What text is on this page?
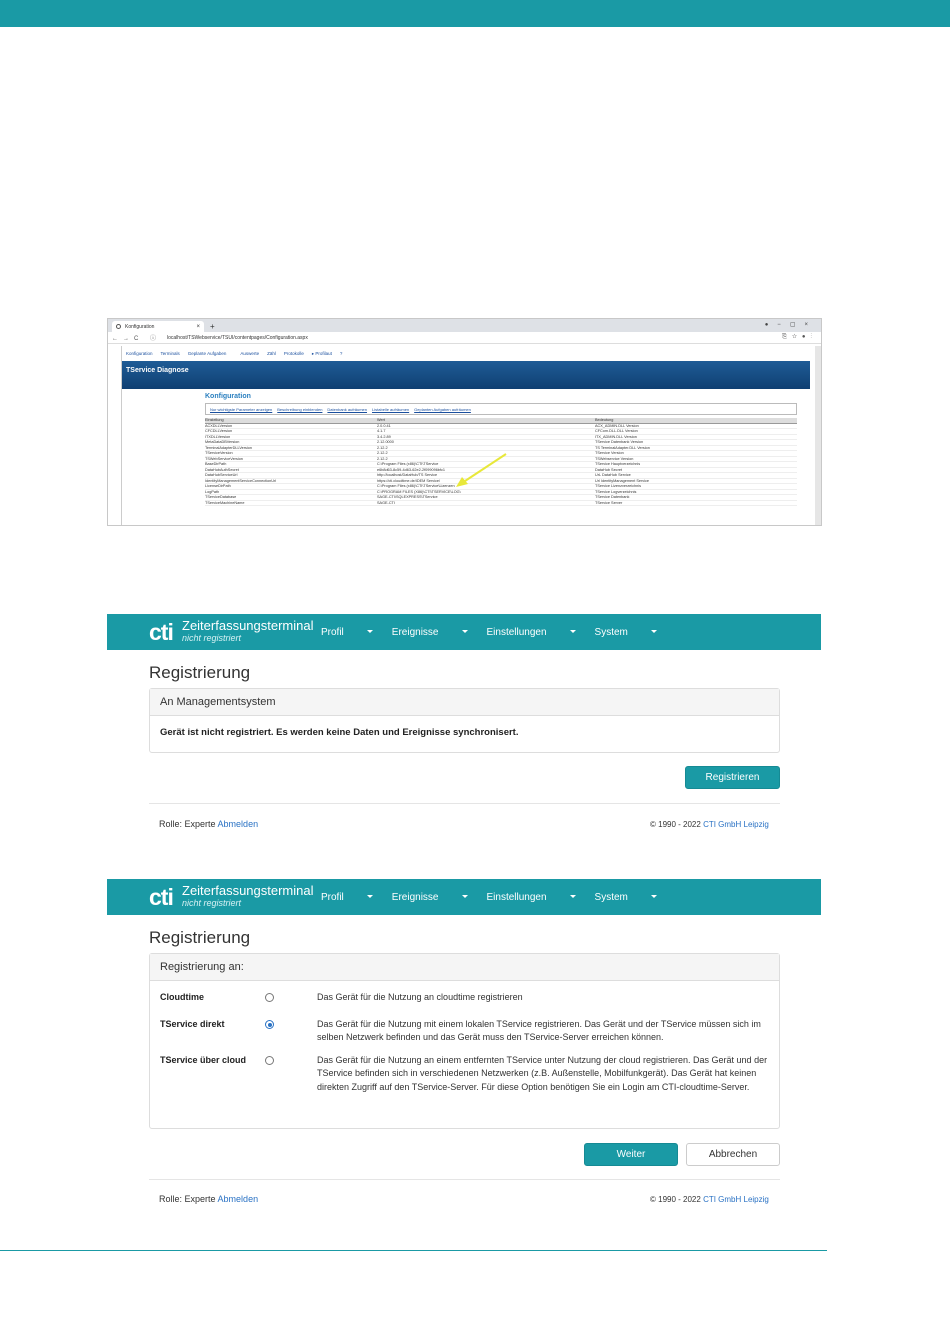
Konfiguration	× +	●−▢×
←→C ⓘ localhost/TSWebservice/TSUI/contentpages/Configuration.aspx	⎘☆●⋮
Konfiguration Terminals Geplante Aufgaben	Auswerte Zähl Protokolle ▸ Profilaut ?
TService Diagnose
Konfiguration
Nur wichtigste Parameter anzeigen Beschreibung einblenden Datenbank aufräumen Listabelle aufräumen Geplanten Aufgaben aufräumen
Einstellung	Wert	Bedeutung
ACXDLLVersion	2.0.0.41	ACX_ADMIN.DLL Version
CFCDLLVersion	4.1.7	CFCom.DLL.DLL Version
ITXDLLVersion	3.4.2.89	ITX_ADMIN.DLL Version
MetaDataDBVersion	2.12.0000	TService Datenbank Version
TerminalAdapterDLLVersion	2.12.2	TS TerminalAdapter.DLL Version
TServiceVersion	2.12.2	TService Version
TSWebServiceVersion	2.12.2	TSWebservice Version
BaseDirPath	C:\Program Files (x86)\CTI\TService	TService Hauptverzeichnis
DataHubAuthSecret	e6b8d63-8c59-4d63-62e2-2f099096bfc1	DataHub Secret
DataHubServiceUrl	http://localhost/DataHub/TS Service	UrL DataHub Service
IdentityManagementServiceConnectionUrl	https://cti.cloudtime.de/IDEM Service/	Url IdentityManagement Service
LicenseDirPath	C:\Program Files (x86)\CTI\TService\Lizenzen	TService Lizenzverzeichnis
LogPath	C:\PROGRAM FILES (X86)\CTI\TSERVICE\LOG\	TService Logverzeichnis
TServiceDatabase	SAGE-CTI\SQLEXPRESS\TService	TService Datenbank
TServiceMachineName	SAGE-CTI	TService Server
cti Zeiterfassungsterminal
nicht registriert
Profil	Ereignisse	Einstellungen	System
Registrierung
An Managementsystem
Gerät ist nicht registriert. Es werden keine Daten und Ereignisse synchronisert.
Registrieren
Rolle: Experte Abmelden	© 1990 - 2022 CTI GmbH Leipzig
cti Zeiterfassungsterminal
nicht registriert
Profil	Ereignisse	Einstellungen	System
Registrierung
Registrierung an:
Cloudtime	Das Gerät für die Nutzung an cloudtime registrieren
TService direkt	Das Gerät für die Nutzung mit einem lokalen TService registrieren. Das Gerät und der TService müssen sich im selben Netzwerk befinden und das Gerät muss den TService-Server erreichen können.
TService über cloud	Das Gerät für die Nutzung an einem entfernten TService unter Nutzung der cloud registrieren. Das Gerät und der TService befinden sich in verschiedenen Netzwerken (z.B. Außenstelle, Mobilfunkgerät). Das Gerät hat keinen direkten Zugriff auf den TService-Server. Für diese Option benötigen Sie ein Login am CTI-cloudtime-Server.
Weiter	Abbrechen
Rolle: Experte Abmelden	© 1990 - 2022 CTI GmbH Leipzig
